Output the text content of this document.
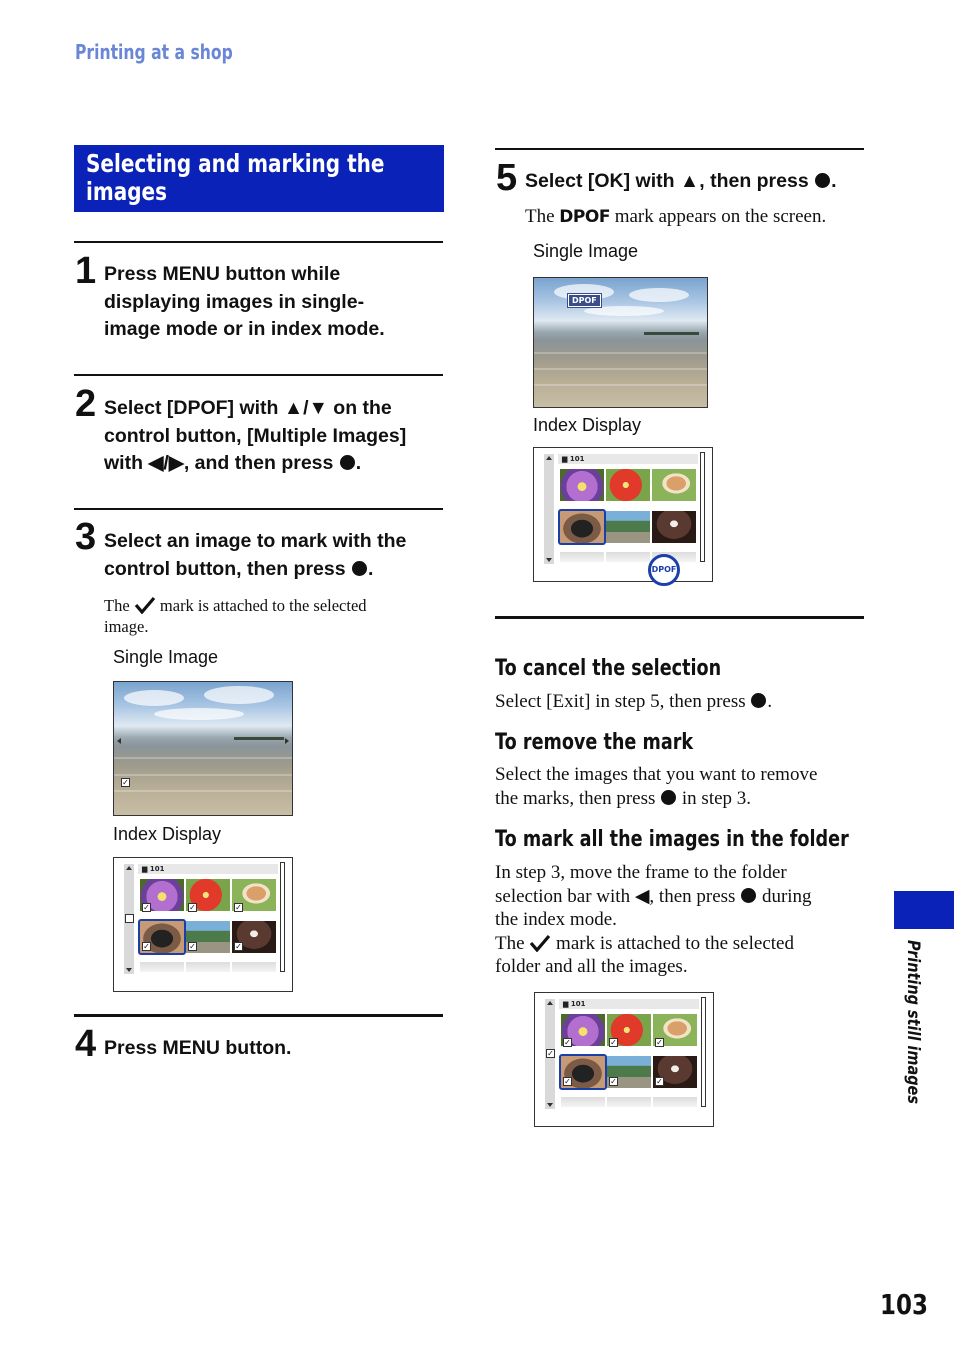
Printing at a shop
Selecting and marking the
images
1 Press MENU button while
displaying images in single-
image mode or in index mode.
2 Select [DPOF] with ▲/▼ on the
control button, [Multiple Images]
with ◀/▶, and then press .
3 Select an image to mark with the
control button, then press .
The mark is attached to the selected
image.
Single Image
✓
Index Display
▆ 101
✓	✓	✓
✓	✓	✓
4 Press MENU button.
5 Select [OK] with ▲, then press .
The DPOF mark appears on the screen.
Single Image
DPOF
Index Display
▆ 101
DPOF
To cancel the selection
Select [Exit] in step 5, then press .
To remove the mark
Select the images that you want to remove
the marks, then press in step 3.
To mark all the images in the folder
In step 3, move the frame to the folder
selection bar with ◀, then press during
the index mode.
The mark is attached to the selected
folder and all the images.
✓
▆ 101
✓	✓	✓
✓	✓	✓	Printing still images
103
